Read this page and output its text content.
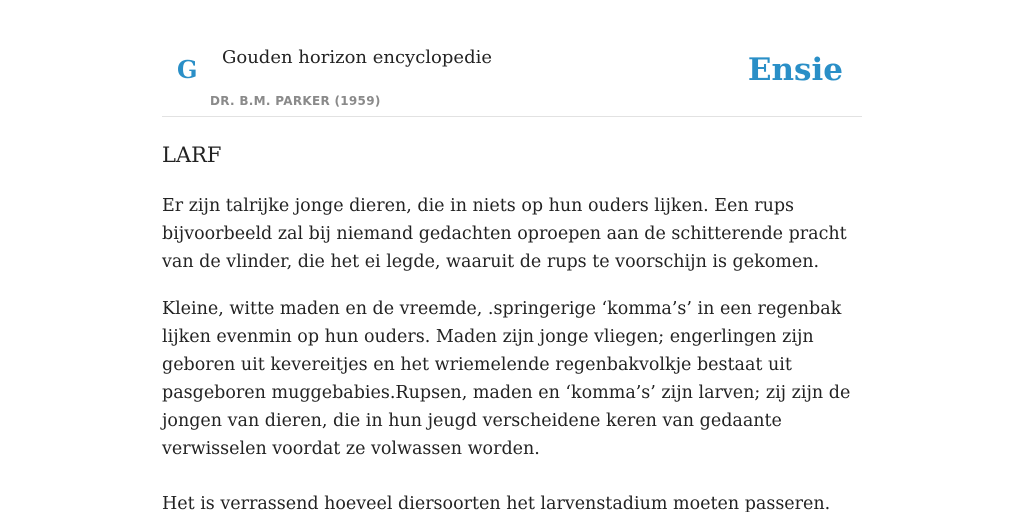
G Gouden horizon encyclopedie
DR. B.M. PARKER (1959)
Ensie
LARF

Er zijn talrijke jonge dieren, die in niets op hun ouders lijken. Een rups bijvoorbeeld zal bij niemand gedachten oproepen aan de schitterende pracht van de vlinder, die het ei legde, waaruit de rups te voorschijn is gekomen.

Kleine, witte maden en de vreemde, .springerige ‘komma’s’ in een regenbak lijken evenmin op hun ouders. Maden zijn jonge vliegen; engerlingen zijn geboren uit kevereitjes en het wriemelende regenbakvolkje bestaat uit pasgeboren muggebabies.Rupsen, maden en ‘komma’s’ zijn larven; zij zijn de jongen van dieren, die in hun jeugd verscheidene keren van gedaante verwisselen voordat ze volwassen worden.

Het is verrassend hoeveel diersoorten het larvenstadium moeten passeren.
